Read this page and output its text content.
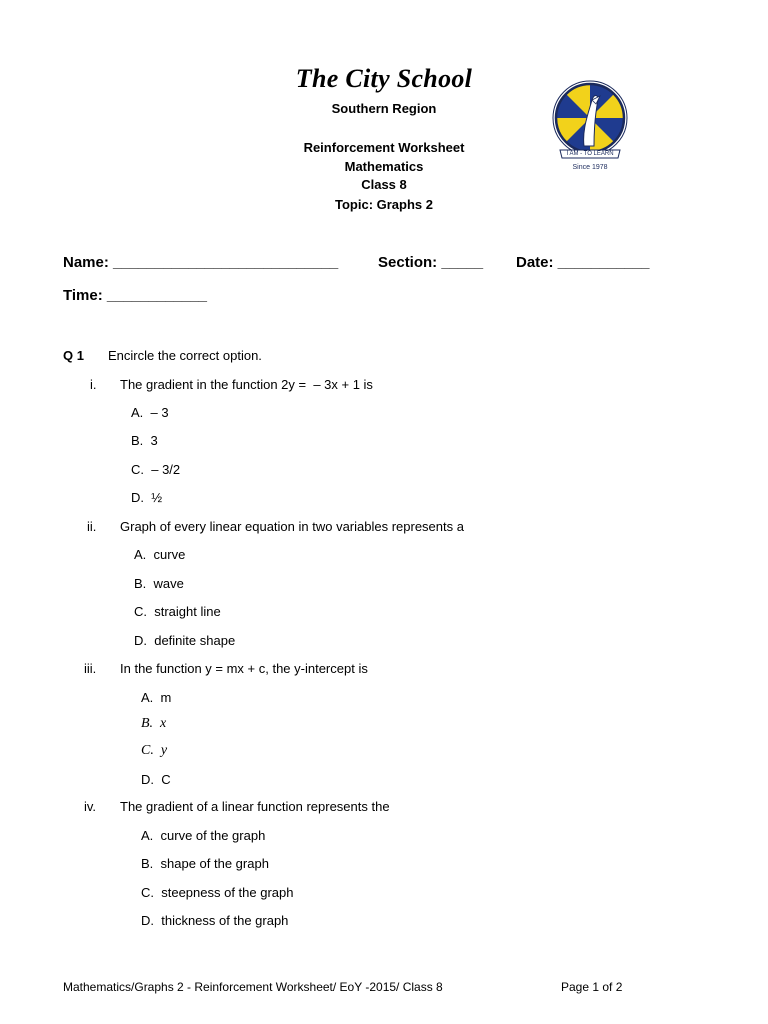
The City School
Southern Region
Reinforcement Worksheet
Mathematics
Class 8
Topic: Graphs 2
I AM - TO LEARN
Since 1978
Name: ___________________________	Section: _____ Date: ___________
Time: ____________
Q 1 Encircle the correct option.
i.	The gradient in the function 2y =  – 3x + 1 is
A.  – 3
B.  3
C.  – 3/2
D.  ½
ii.	Graph of every linear equation in two variables represents a
A.  curve
B.  wave
C.  straight line
D.  definite shape
iii.	In the function y = mx + c, the y-intercept is
A.  m
B.  x
C.  y
D.  C
iv.	The gradient of a linear function represents the
A.  curve of the graph
B.  shape of the graph
C.  steepness of the graph
D.  thickness of the graph
Mathematics/Graphs 2 - Reinforcement Worksheet/ EoY -2015/ Class 8	Page 1 of 2
